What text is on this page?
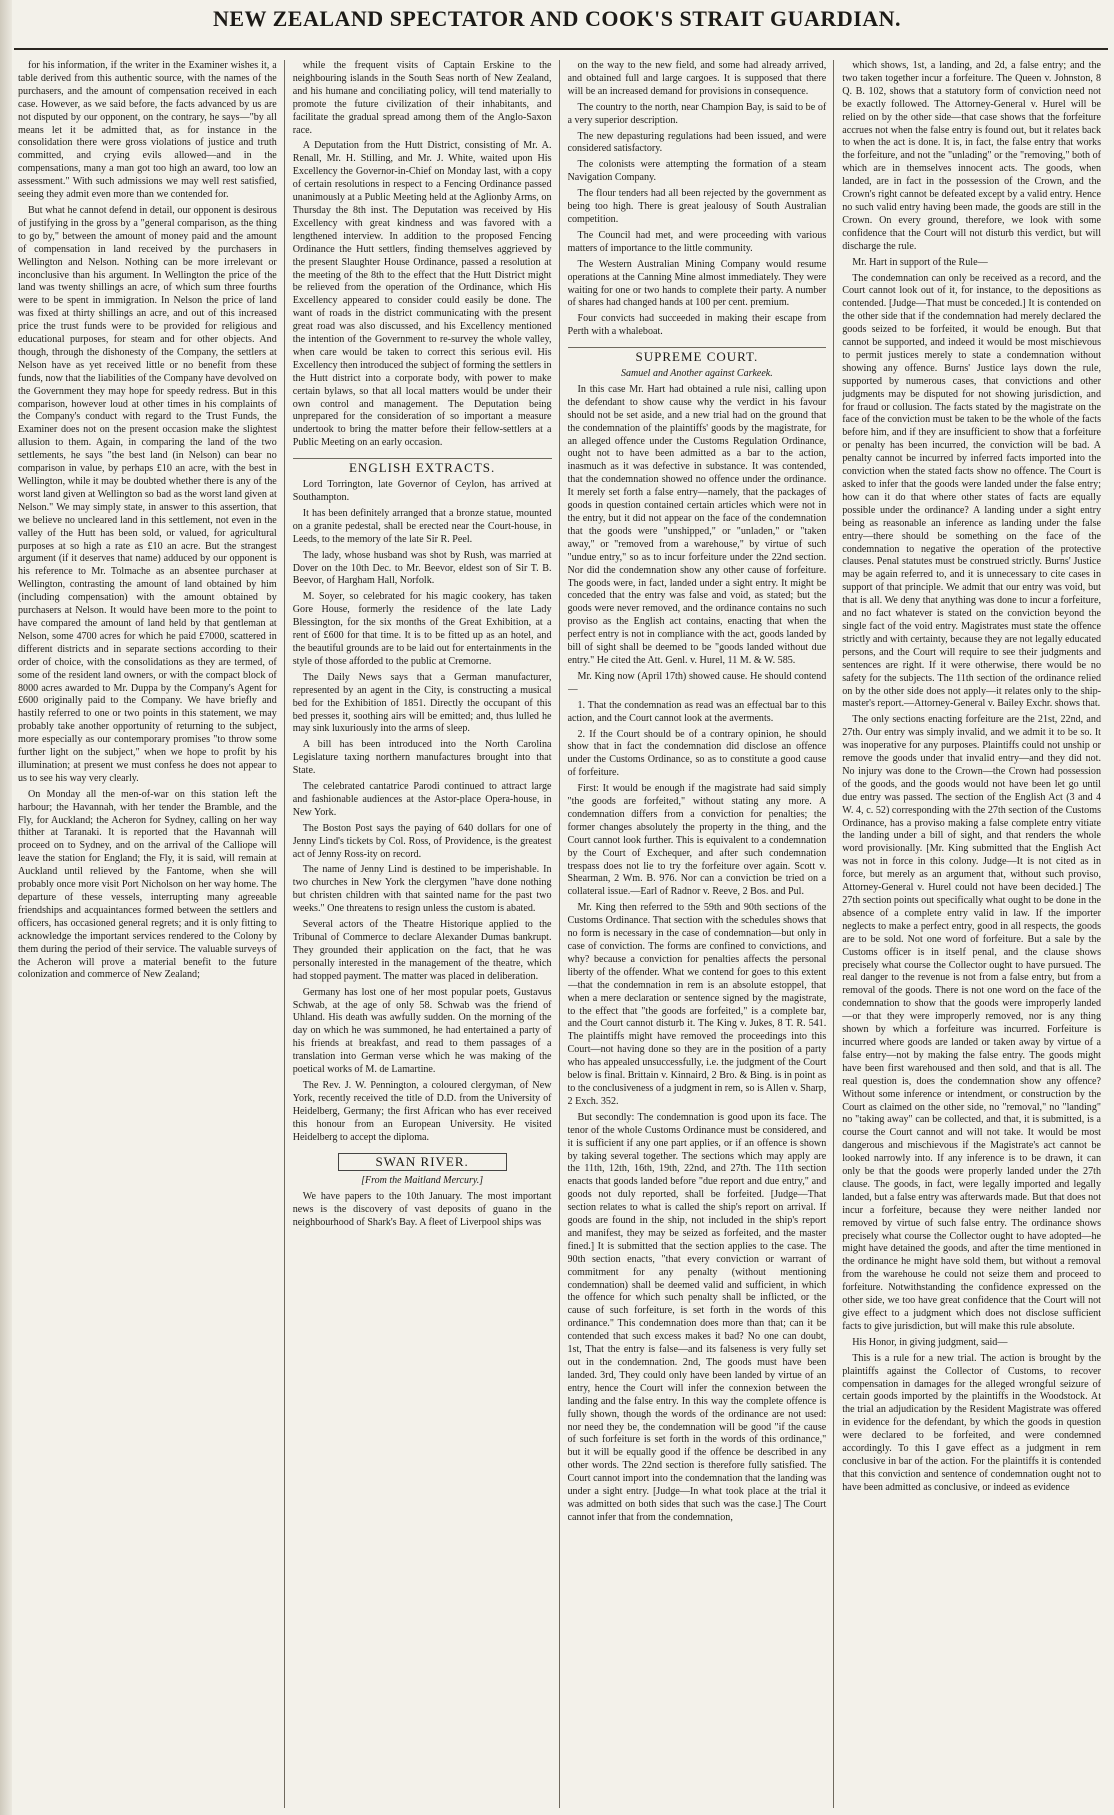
NEW ZEALAND SPECTATOR AND COOK'S STRAIT GUARDIAN.

for his information, if the writer in the Examiner wishes it, a table derived from this authentic source, with the names of the purchasers, and the amount of compensation received in each case. However, as we said before, the facts advanced by us are not disputed by our opponent, on the contrary, he says—"by all means let it be admitted that, as for instance in the consolidation there were gross violations of justice and truth committed, and crying evils allowed—and in the compensations, many a man got too high an award, too low an assessment." With such admissions we may well rest satisfied, seeing they admit even more than we contended for.

But what he cannot defend in detail, our opponent is desirous of justifying in the gross by a "general comparison, as the thing to go by," between the amount of money paid and the amount of compensation in land received by the purchasers in Wellington and Nelson. Nothing can be more irrelevant or inconclusive than his argument. In Wellington the price of the land was twenty shillings an acre, of which sum three fourths were to be spent in immigration. In Nelson the price of land was fixed at thirty shillings an acre, and out of this increased price the trust funds were to be provided for religious and educational purposes, for steam and for other objects. And though, through the dishonesty of the Company, the settlers at Nelson have as yet received little or no benefit from these funds, now that the liabilities of the Company have devolved on the Government they may hope for speedy redress. But in this comparison, however loud at other times in his complaints of the Company's conduct with regard to the Trust Funds, the Examiner does not on the present occasion make the slightest allusion to them. Again, in comparing the land of the two settlements, he says "the best land (in Nelson) can bear no comparison in value, by perhaps £10 an acre, with the best in Wellington, while it may be doubted whether there is any of the worst land given at Wellington so bad as the worst land given at Nelson." We may simply state, in answer to this assertion, that we believe no uncleared land in this settlement, not even in the valley of the Hutt has been sold, or valued, for agricultural purposes at so high a rate as £10 an acre. But the strangest argument (if it deserves that name) adduced by our opponent is his reference to Mr. Tolmache as an absentee purchaser at Wellington, contrasting the amount of land obtained by him (including compensation) with the amount obtained by purchasers at Nelson. It would have been more to the point to have compared the amount of land held by that gentleman at Nelson, some 4700 acres for which he paid £7000, scattered in different districts and in separate sections according to their order of choice, with the consolidations as they are termed, of some of the resident land owners, or with the compact block of 8000 acres awarded to Mr. Duppa by the Company's Agent for £600 originally paid to the Company. We have briefly and hastily referred to one or two points in this statement, we may probably take another opportunity of returning to the subject, more especially as our contemporary promises "to throw some further light on the subject," when we hope to profit by his illumination; at present we must confess he does not appear to us to see his way very clearly.

On Monday all the men-of-war on this station left the harbour; the Havannah, with her tender the Bramble, and the Fly, for Auckland; the Acheron for Sydney, calling on her way thither at Taranaki. It is reported that the Havannah will proceed on to Sydney, and on the arrival of the Calliope will leave the station for England; the Fly, it is said, will remain at Auckland until relieved by the Fantome, when she will probably once more visit Port Nicholson on her way home. The departure of these vessels, interrupting many agreeable friendships and acquaintances formed between the settlers and officers, has occasioned general regrets; and it is only fitting to acknowledge the important services rendered to the Colony by them during the period of their service. The valuable surveys of the Acheron will prove a material benefit to the future colonization and commerce of New Zealand;

while the frequent visits of Captain Erskine to the neighbouring islands in the South Seas north of New Zealand, and his humane and conciliating policy, will tend materially to promote the future civilization of their inhabitants, and facilitate the gradual spread among them of the Anglo-Saxon race.

A Deputation from the Hutt District, consisting of Mr. A. Renall, Mr. H. Stilling, and Mr. J. White, waited upon His Excellency the Governor-in-Chief on Monday last, with a copy of certain resolutions in respect to a Fencing Ordinance passed unanimously at a Public Meeting held at the Aglionby Arms, on Thursday the 8th inst. The Deputation was received by His Excellency with great kindness and was favored with a lengthened interview. In addition to the proposed Fencing Ordinance the Hutt settlers, finding themselves aggrieved by the present Slaughter House Ordinance, passed a resolution at the meeting of the 8th to the effect that the Hutt District might be relieved from the operation of the Ordinance, which His Excellency appeared to consider could easily be done. The want of roads in the district communicating with the present great road was also discussed, and his Excellency mentioned the intention of the Government to re-survey the whole valley, when care would be taken to correct this serious evil. His Excellency then introduced the subject of forming the settlers in the Hutt district into a corporate body, with power to make certain bylaws, so that all local matters would be under their own control and management. The Deputation being unprepared for the consideration of so important a measure undertook to bring the matter before their fellow-settlers at a Public Meeting on an early occasion.

ENGLISH EXTRACTS.

Lord Torrington, late Governor of Ceylon, has arrived at Southampton.

It has been definitely arranged that a bronze statue, mounted on a granite pedestal, shall be erected near the Court-house, in Leeds, to the memory of the late Sir R. Peel.

The lady, whose husband was shot by Rush, was married at Dover on the 10th Dec. to Mr. Beevor, eldest son of Sir T. B. Beevor, of Hargham Hall, Norfolk.

M. Soyer, so celebrated for his magic cookery, has taken Gore House, formerly the residence of the late Lady Blessington, for the six months of the Great Exhibition, at a rent of £600 for that time. It is to be fitted up as an hotel, and the beautiful grounds are to be laid out for entertainments in the style of those afforded to the public at Cremorne.

The Daily News says that a German manufacturer, represented by an agent in the City, is constructing a musical bed for the Exhibition of 1851. Directly the occupant of this bed presses it, soothing airs will be emitted; and, thus lulled he may sink luxuriously into the arms of sleep.

A bill has been introduced into the North Carolina Legislature taxing northern manufactures brought into that State.

The celebrated cantatrice Parodi continued to attract large and fashionable audiences at the Astor-place Opera-house, in New York.

The Boston Post says the paying of 640 dollars for one of Jenny Lind's tickets by Col. Ross, of Providence, is the greatest act of Jenny Ross-ity on record.

The name of Jenny Lind is destined to be imperishable. In two churches in New York the clergymen "have done nothing but christen children with that sainted name for the past two weeks." One threatens to resign unless the custom is abated.

Several actors of the Theatre Historique applied to the Tribunal of Commerce to declare Alexander Dumas bankrupt. They grounded their application on the fact, that he was personally interested in the management of the theatre, which had stopped payment. The matter was placed in deliberation.

Germany has lost one of her most popular poets, Gustavus Schwab, at the age of only 58. Schwab was the friend of Uhland. His death was awfully sudden. On the morning of the day on which he was summoned, he had entertained a party of his friends at breakfast, and read to them passages of a translation into German verse which he was making of the poetical works of M. de Lamartine.

The Rev. J. W. Pennington, a coloured clergyman, of New York, recently received the title of D.D. from the University of Heidelberg, Germany; the first African who has ever received this honour from an European University. He visited Heidelberg to accept the diploma.

SWAN RIVER.
[From the Maitland Mercury.]

We have papers to the 10th January. The most important news is the discovery of vast deposits of guano in the neighbourhood of Shark's Bay. A fleet of Liverpool ships was

on the way to the new field, and some had already arrived, and obtained full and large cargoes. It is supposed that there will be an increased demand for provisions in consequence.

The country to the north, near Champion Bay, is said to be of a very superior description.

The new depasturing regulations had been issued, and were considered satisfactory.

The colonists were attempting the formation of a steam Navigation Company.

The flour tenders had all been rejected by the government as being too high. There is great jealousy of South Australian competition.

The Council had met, and were proceeding with various matters of importance to the little community.

The Western Australian Mining Company would resume operations at the Canning Mine almost immediately. They were waiting for one or two hands to complete their party. A number of shares had changed hands at 100 per cent. premium.

Four convicts had succeeded in making their escape from Perth with a whaleboat.

SUPREME COURT.
Samuel and Another against Carkeek.

In this case Mr. Hart had obtained a rule nisi, calling upon the defendant to show cause why the verdict in his favour should not be set aside, and a new trial had on the ground that the condemnation of the plaintiffs' goods by the magistrate, for an alleged offence under the Customs Regulation Ordinance, ought not to have been admitted as a bar to the action, inasmuch as it was defective in substance. It was contended, that the condemnation showed no offence under the ordinance. It merely set forth a false entry—namely, that the packages of goods in question contained certain articles which were not in the entry, but it did not appear on the face of the condemnation that the goods were "unshipped," or "unladen," or "taken away," or "removed from a warehouse," by virtue of such "undue entry," so as to incur forfeiture under the 22nd section. Nor did the condemnation show any other cause of forfeiture. The goods were, in fact, landed under a sight entry. It might be conceded that the entry was false and void, as stated; but the goods were never removed, and the ordinance contains no such proviso as the English act contains, enacting that when the perfect entry is not in compliance with the act, goods landed by bill of sight shall be deemed to be "goods landed without due entry." He cited the Att. Genl. v. Hurel, 11 M. & W. 585.

Mr. King now (April 17th) showed cause. He should contend—

1. That the condemnation as read was an effectual bar to this action, and the Court cannot look at the averments.

2. If the Court should be of a contrary opinion, he should show that in fact the condemnation did disclose an offence under the Customs Ordinance, so as to constitute a good cause of forfeiture.

First: It would be enough if the magistrate had said simply "the goods are forfeited," without stating any more. A condemnation differs from a conviction for penalties; the former changes absolutely the property in the thing, and the Court cannot look further. This is equivalent to a condemnation by the Court of Exchequer, and after such condemnation trespass does not lie to try the forfeiture over again. Scott v. Shearman, 2 Wm. B. 976. Nor can a conviction be tried on a collateral issue.—Earl of Radnor v. Reeve, 2 Bos. and Pul.

Mr. King then referred to the 59th and 90th sections of the Customs Ordinance. That section with the schedules shows that no form is necessary in the case of condemnation—but only in case of conviction. The forms are confined to convictions, and why? because a conviction for penalties affects the personal liberty of the offender. What we contend for goes to this extent—that the condemnation in rem is an absolute estoppel, that when a mere declaration or sentence signed by the magistrate, to the effect that "the goods are forfeited," is a complete bar, and the Court cannot disturb it. The King v. Jukes, 8 T. R. 541. The plaintiffs might have removed the proceedings into this Court—not having done so they are in the position of a party who has appealed unsuccessfully, i.e. the judgment of the Court below is final. Brittain v. Kinnaird, 2 Bro. & Bing. is in point as to the conclusiveness of a judgment in rem, so is Allen v. Sharp, 2 Exch. 352.

But secondly: The condemnation is good upon its face. The tenor of the whole Customs Ordinance must be considered, and it is sufficient if any one part applies, or if an offence is shown by taking several together. The sections which may apply are the 11th, 12th, 16th, 19th, 22nd, and 27th. The 11th section enacts that goods landed before "due report and due entry," and goods not duly reported, shall be forfeited. [Judge—That section relates to what is called the ship's report on arrival. If goods are found in the ship, not included in the ship's report and manifest, they may be seized as forfeited, and the master fined.] It is submitted that the section applies to the case. The 90th section enacts, "that every conviction or warrant of commitment for any penalty (without mentioning condemnation) shall be deemed valid and sufficient, in which the offence for which such penalty shall be inflicted, or the cause of such forfeiture, is set forth in the words of this ordinance." This condemnation does more than that; can it be contended that such excess makes it bad? No one can doubt, 1st, That the entry is false—and its falseness is very fully set out in the condemnation. 2nd, The goods must have been landed. 3rd, They could only have been landed by virtue of an entry, hence the Court will infer the connexion between the landing and the false entry. In this way the complete offence is fully shown, though the words of the ordinance are not used: nor need they be, the condemnation will be good "if the cause of such forfeiture is set forth in the words of this ordinance," but it will be equally good if the offence be described in any other words. The 22nd section is therefore fully satisfied. The Court cannot import into the condemnation that the landing was under a sight entry. [Judge—In what took place at the trial it was admitted on both sides that such was the case.] The Court cannot infer that from the condemnation,

which shows, 1st, a landing, and 2d, a false entry; and the two taken together incur a forfeiture. The Queen v. Johnston, 8 Q. B. 102, shows that a statutory form of conviction need not be exactly followed. The Attorney-General v. Hurel will be relied on by the other side—that case shows that the forfeiture accrues not when the false entry is found out, but it relates back to when the act is done. It is, in fact, the false entry that works the forfeiture, and not the "unlading" or the "removing," both of which are in themselves innocent acts. The goods, when landed, are in fact in the possession of the Crown, and the Crown's right cannot be defeated except by a valid entry. Hence no such valid entry having been made, the goods are still in the Crown. On every ground, therefore, we look with some confidence that the Court will not disturb this verdict, but will discharge the rule.

Mr. Hart in support of the Rule—

The condemnation can only be received as a record, and the Court cannot look out of it, for instance, to the depositions as contended. [Judge—That must be conceded.] It is contended on the other side that if the condemnation had merely declared the goods seized to be forfeited, it would be enough. But that cannot be supported, and indeed it would be most mischievous to permit justices merely to state a condemnation without showing any offence. Burns' Justice lays down the rule, supported by numerous cases, that convictions and other judgments may be disputed for not showing jurisdiction, and for fraud or collusion. The facts stated by the magistrate on the face of the conviction must be taken to be the whole of the facts before him, and if they are insufficient to show that a forfeiture or penalty has been incurred, the conviction will be bad. A penalty cannot be incurred by inferred facts imported into the conviction when the stated facts show no offence. The Court is asked to infer that the goods were landed under the false entry; how can it do that where other states of facts are equally possible under the ordinance? A landing under a sight entry being as reasonable an inference as landing under the false entry—there should be something on the face of the condemnation to negative the operation of the protective clauses. Penal statutes must be construed strictly. Burns' Justice may be again referred to, and it is unnecessary to cite cases in support of that principle. We admit that our entry was void, but that is all. We deny that anything was done to incur a forfeiture, and no fact whatever is stated on the conviction beyond the single fact of the void entry. Magistrates must state the offence strictly and with certainty, because they are not legally educated persons, and the Court will require to see their judgments and sentences are right. If it were otherwise, there would be no safety for the subjects. The 11th section of the ordinance relied on by the other side does not apply—it relates only to the ship-master's report.—Attorney-General v. Bailey Exchr. shows that.

The only sections enacting forfeiture are the 21st, 22nd, and 27th. Our entry was simply invalid, and we admit it to be so. It was inoperative for any purposes. Plaintiffs could not unship or remove the goods under that invalid entry—and they did not. No injury was done to the Crown—the Crown had possession of the goods, and the goods would not have been let go until due entry was passed. The section of the English Act (3 and 4 W. 4, c. 52) corresponding with the 27th section of the Customs Ordinance, has a proviso making a false complete entry vitiate the landing under a bill of sight, and that renders the whole word provisionally. [Mr. King submitted that the English Act was not in force in this colony. Judge—It is not cited as in force, but merely as an argument that, without such proviso, Attorney-General v. Hurel could not have been decided.] The 27th section points out specifically what ought to be done in the absence of a complete entry valid in law. If the importer neglects to make a perfect entry, good in all respects, the goods are to be sold. Not one word of forfeiture. But a sale by the Customs officer is in itself penal, and the clause shows precisely what course the Collector ought to have pursued. The real danger to the revenue is not from a false entry, but from a removal of the goods. There is not one word on the face of the condemnation to show that the goods were improperly landed—or that they were improperly removed, nor is any thing shown by which a forfeiture was incurred. Forfeiture is incurred where goods are landed or taken away by virtue of a false entry—not by making the false entry. The goods might have been first warehoused and then sold, and that is all. The real question is, does the condemnation show any offence? Without some inference or intendment, or construction by the Court as claimed on the other side, no "removal," no "landing" no "taking away" can be collected, and that, it is submitted, is a course the Court cannot and will not take. It would be most dangerous and mischievous if the Magistrate's act cannot be looked narrowly into. If any inference is to be drawn, it can only be that the goods were properly landed under the 27th clause. The goods, in fact, were legally imported and legally landed, but a false entry was afterwards made. But that does not incur a forfeiture, because they were neither landed nor removed by virtue of such false entry. The ordinance shows precisely what course the Collector ought to have adopted—he might have detained the goods, and after the time mentioned in the ordinance he might have sold them, but without a removal from the warehouse he could not seize them and proceed to forfeiture. Notwithstanding the confidence expressed on the other side, we too have great confidence that the Court will not give effect to a judgment which does not disclose sufficient facts to give jurisdiction, but will make this rule absolute.

His Honor, in giving judgment, said—

This is a rule for a new trial. The action is brought by the plaintiffs against the Collector of Customs, to recover compensation in damages for the alleged wrongful seizure of certain goods imported by the plaintiffs in the Woodstock. At the trial an adjudication by the Resident Magistrate was offered in evidence for the defendant, by which the goods in question were declared to be forfeited, and were condemned accordingly. To this I gave effect as a judgment in rem conclusive in bar of the action. For the plaintiffs it is contended that this conviction and sentence of condemnation ought not to have been admitted as conclusive, or indeed as evidence
